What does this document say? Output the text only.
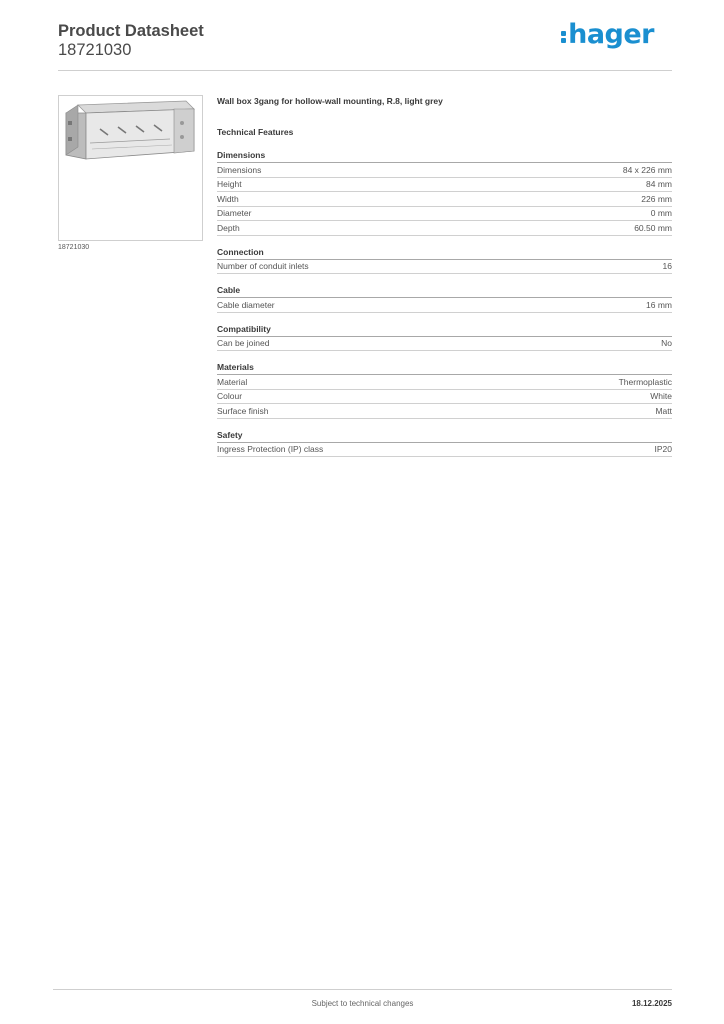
Product Datasheet
18721030	hager
18721030
Wall box 3gang for hollow-wall mounting, R.8, light grey
Technical Features
Dimensions
Dimensions	84 x 226 mm
Height	84 mm
Width	226 mm
Diameter	0 mm
Depth	60.50 mm
Connection
Number of conduit inlets	16
Cable
Cable diameter	16 mm
Compatibility
Can be joined	No
Materials
Material	Thermoplastic
Colour	White
Surface finish	Matt
Safety
Ingress Protection (IP) class	IP20
Subject to technical changes	18.12.2025
